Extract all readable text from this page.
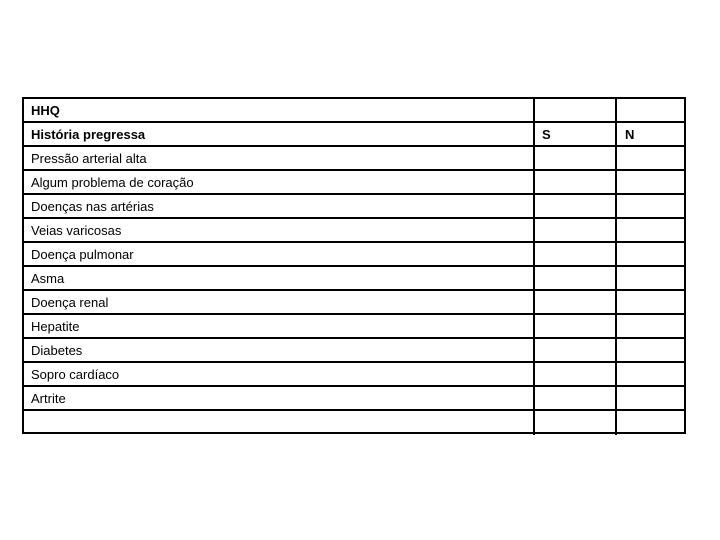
HHQ
História pregressa	S	N
Pressão arterial alta
Algum problema de coração
Doenças nas artérias
Veias varicosas
Doença pulmonar
Asma
Doença renal
Hepatite
Diabetes
Sopro cardíaco
Artrite
